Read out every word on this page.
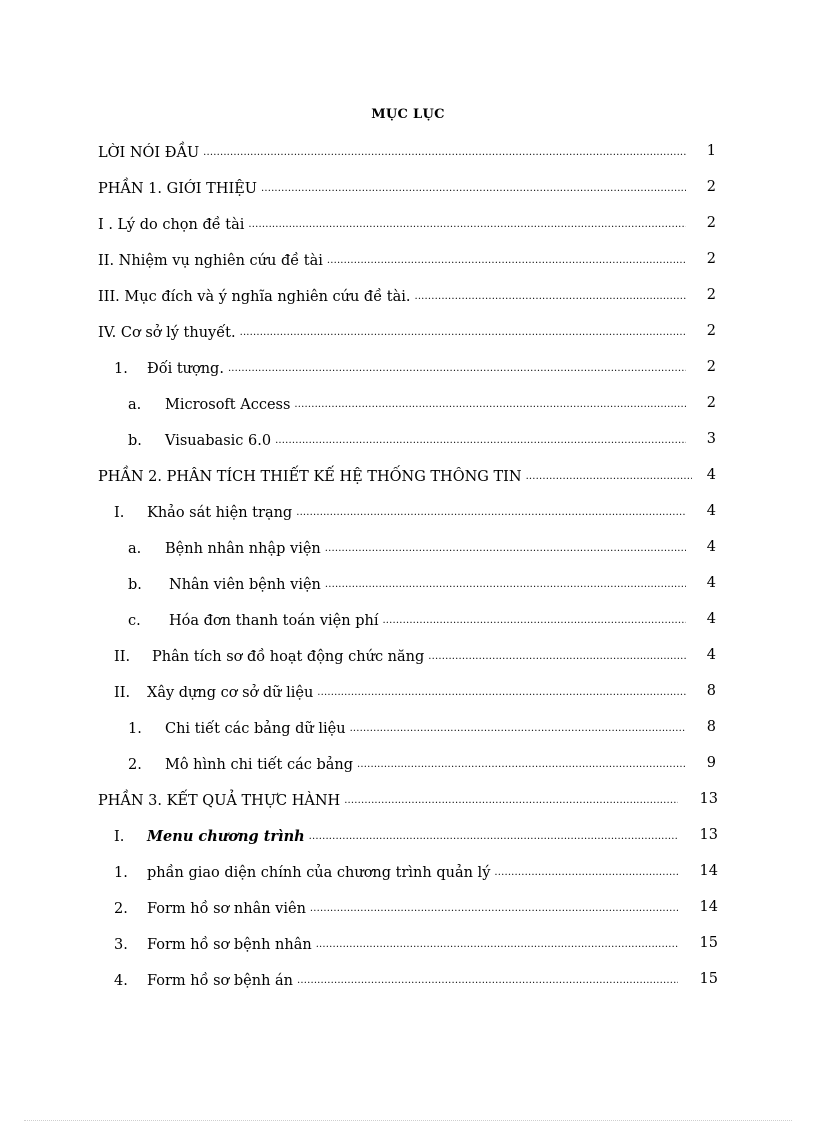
MỤC LỤC
LỜI NÓI ĐẦU . . .	1
PHẦN 1. GIỚI THIỆU . . .	2
I . Lý do chọn đề tài . . .	2
II. Nhiệm vụ nghiên cứu đề tài . . .	2
III. Mục đích và ý nghĩa nghiên cứu đề tài. . . .	2
IV. Cơ sở lý thuyết. . . .	2
1.	Đối tượng. . . .	2
a.	Microsoft Access . . .	2
b.	Visuabasic 6.0 . . .	3
PHẦN 2. PHÂN TÍCH THIẾT KẾ HỆ THỐNG THÔNG TIN . . .	4
I.	Khảo sát hiện trạng . . .	4
a.	Bệnh nhân nhập viện . . .	4
b.	Nhân viên bệnh viện . . .	4
c.	Hóa đơn thanh toán viện phí . . .	4
II.	Phân tích sơ đồ hoạt động chức năng . . .	4
II.	Xây dựng cơ sở dữ liệu . . .	8
1.	Chi tiết các bảng dữ liệu . . .	8
2.	Mô hình chi tiết các bảng . . .	9
PHẦN 3. KẾT QUẢ THỰC HÀNH . . .	13
I.	Menu chương trình . . .	13
1.	phần giao diện chính của chương trình quản lý . . .	14
2.	Form hồ sơ nhân viên . . .	14
3.	Form hồ sơ bệnh nhân . . .	15
4.	Form hồ sơ bệnh án . . .	15
